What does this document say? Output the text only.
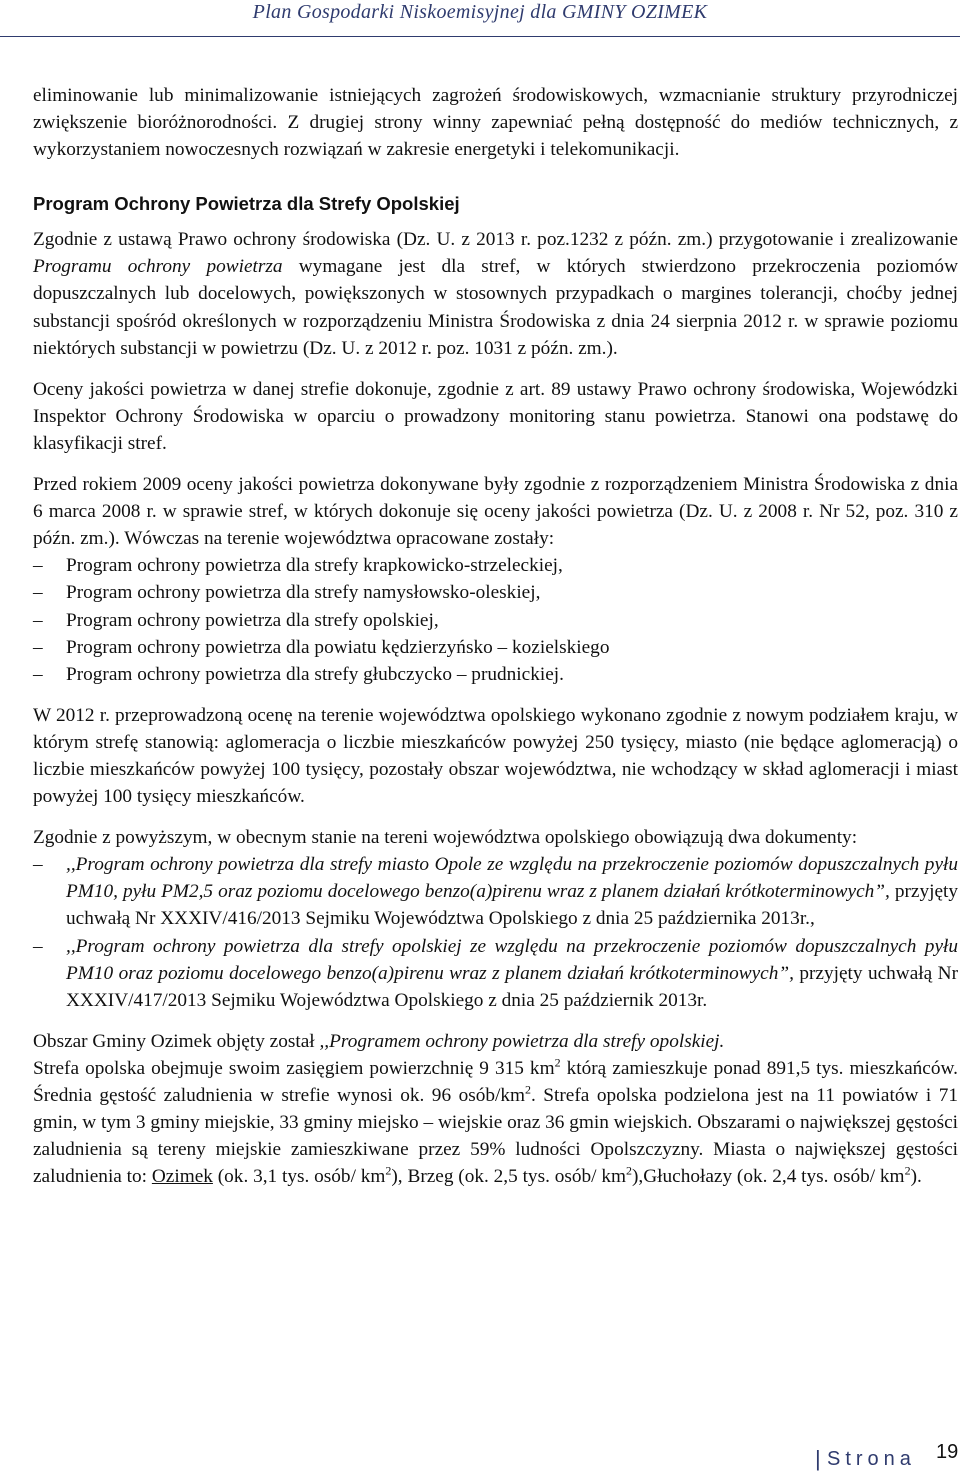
Plan Gospodarki Niskoemisyjnej dla GMINY OZIMEK

eliminowanie lub minimalizowanie istniejących zagrożeń środowiskowych, wzmacnianie struktury przyrodniczej zwiększenie bioróżnorodności. Z drugiej strony winny zapewniać pełną dostępność do mediów technicznych, z wykorzystaniem nowoczesnych rozwiązań w zakresie energetyki i telekomunikacji.

Program Ochrony Powietrza dla Strefy Opolskiej

Zgodnie z ustawą Prawo ochrony środowiska (Dz. U. z 2013 r. poz.1232 z późn. zm.) przygotowanie i zrealizowanie Programu ochrony powietrza wymagane jest dla stref, w których stwierdzono przekroczenia poziomów dopuszczalnych lub docelowych, powiększonych w stosownych przypadkach o margines tolerancji, choćby jednej substancji spośród określonych w rozporządzeniu Ministra Środowiska z dnia 24 sierpnia 2012 r. w sprawie poziomu niektórych substancji w powietrzu (Dz. U. z 2012 r. poz. 1031 z późn. zm.).

Oceny jakości powietrza w danej strefie dokonuje, zgodnie z art. 89 ustawy Prawo ochrony środowiska, Wojewódzki Inspektor Ochrony Środowiska w oparciu o prowadzony monitoring stanu powietrza. Stanowi ona podstawę do klasyfikacji stref.

Przed rokiem 2009 oceny jakości powietrza dokonywane były zgodnie z rozporządzeniem Ministra Środowiska z dnia 6 marca 2008 r. w sprawie stref, w których dokonuje się oceny jakości powietrza (Dz. U. z 2008 r. Nr 52, poz. 310 z późn. zm.). Wówczas na terenie województwa opracowane zostały:

– Program ochrony powietrza dla strefy krapkowicko-strzeleckiej,
– Program ochrony powietrza dla strefy namysłowsko-oleskiej,
– Program ochrony powietrza dla strefy opolskiej,
– Program ochrony powietrza dla powiatu kędzierzyńsko – kozielskiego
– Program ochrony powietrza dla strefy głubczycko – prudnickiej.

W 2012 r. przeprowadzoną ocenę na terenie województwa opolskiego wykonano zgodnie z nowym podziałem kraju, w którym strefę stanowią: aglomeracja o liczbie mieszkańców powyżej 250 tysięcy, miasto (nie będące aglomeracją) o liczbie mieszkańców powyżej 100 tysięcy, pozostały obszar województwa, nie wchodzący w skład aglomeracji i miast powyżej 100 tysięcy mieszkańców.

Zgodnie z powyższym, w obecnym stanie na tereni województwa opolskiego obowiązują dwa dokumenty:

– ,,Program ochrony powietrza dla strefy miasto Opole ze względu na przekroczenie poziomów dopuszczalnych pyłu PM10, pyłu PM2,5 oraz poziomu docelowego benzo(a)pirenu wraz z planem działań krótkoterminowych”, przyjęty uchwałą Nr XXXIV/416/2013 Sejmiku Województwa Opolskiego z dnia 25 października 2013r.,
– ,,Program ochrony powietrza dla strefy opolskiej ze względu na przekroczenie poziomów dopuszczalnych pyłu PM10 oraz poziomu docelowego benzo(a)pirenu wraz z planem działań krótkoterminowych”, przyjęty uchwałą Nr XXXIV/417/2013 Sejmiku Województwa Opolskiego z dnia 25 październik 2013r.

Obszar Gminy Ozimek objęty został ,,Programem ochrony powietrza dla strefy opolskiej.

Strefa opolska obejmuje swoim zasięgiem powierzchnię 9 315 $km^2$ którą zamieszkuje ponad 891,5 tys. mieszkańców. Średnia gęstość zaludnienia w strefie wynosi ok. 96 osób/$km^2$. Strefa opolska podzielona jest na 11 powiatów i 71 gmin, w tym 3 gminy miejskie, 33 gminy miejsko – wiejskie oraz 36 gmin wiejskich. Obszarami o największej gęstości zaludnienia są tereny miejskie zamieszkiwane przez 59% ludności Opolszczyzny. Miasta o największej gęstości zaludnienia to: Ozimek (ok. 3,1 tys. osób/ $km^2$), Brzeg (ok. 2,5 tys. osób/ $km^2),Głuchołazy$ (ok. 2,4 tys. osób/ $km^2$).

| Strona 19
